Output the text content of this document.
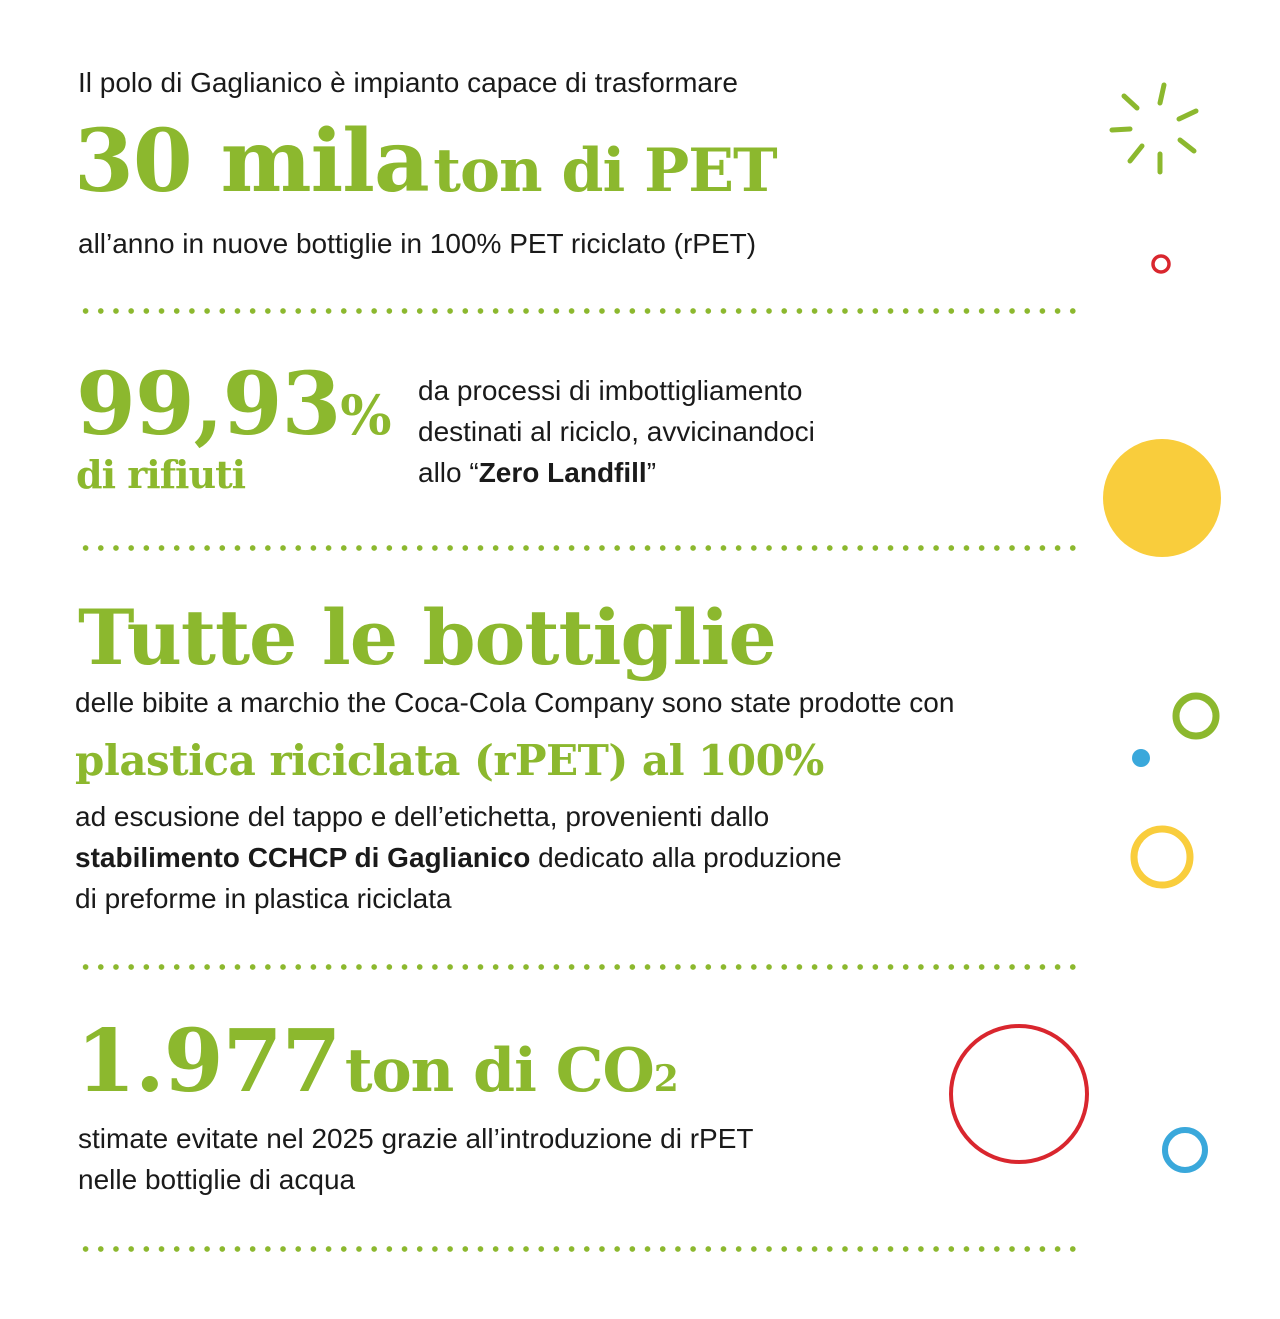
Il polo di Gaglianico è impianto capace di trasformare
30 mila ton di PET
all’anno in nuove bottiglie in 100% PET riciclato (rPET)
99,93%
di rifiuti
da processi di imbottigliamento
destinati al riciclo, avvicinandoci
allo “Zero Landfill”
Tutte le bottiglie
delle bibite a marchio the Coca-Cola Company sono state prodotte con
plastica riciclata (rPET) al 100%
ad escusione del tappo e dell’etichetta, provenienti dallo
stabilimento CCHCP di Gaglianico dedicato alla produzione
di preforme in plastica riciclata
1.977 ton di CO2
stimate evitate nel 2025 grazie all’introduzione di rPET
nelle bottiglie di acqua
